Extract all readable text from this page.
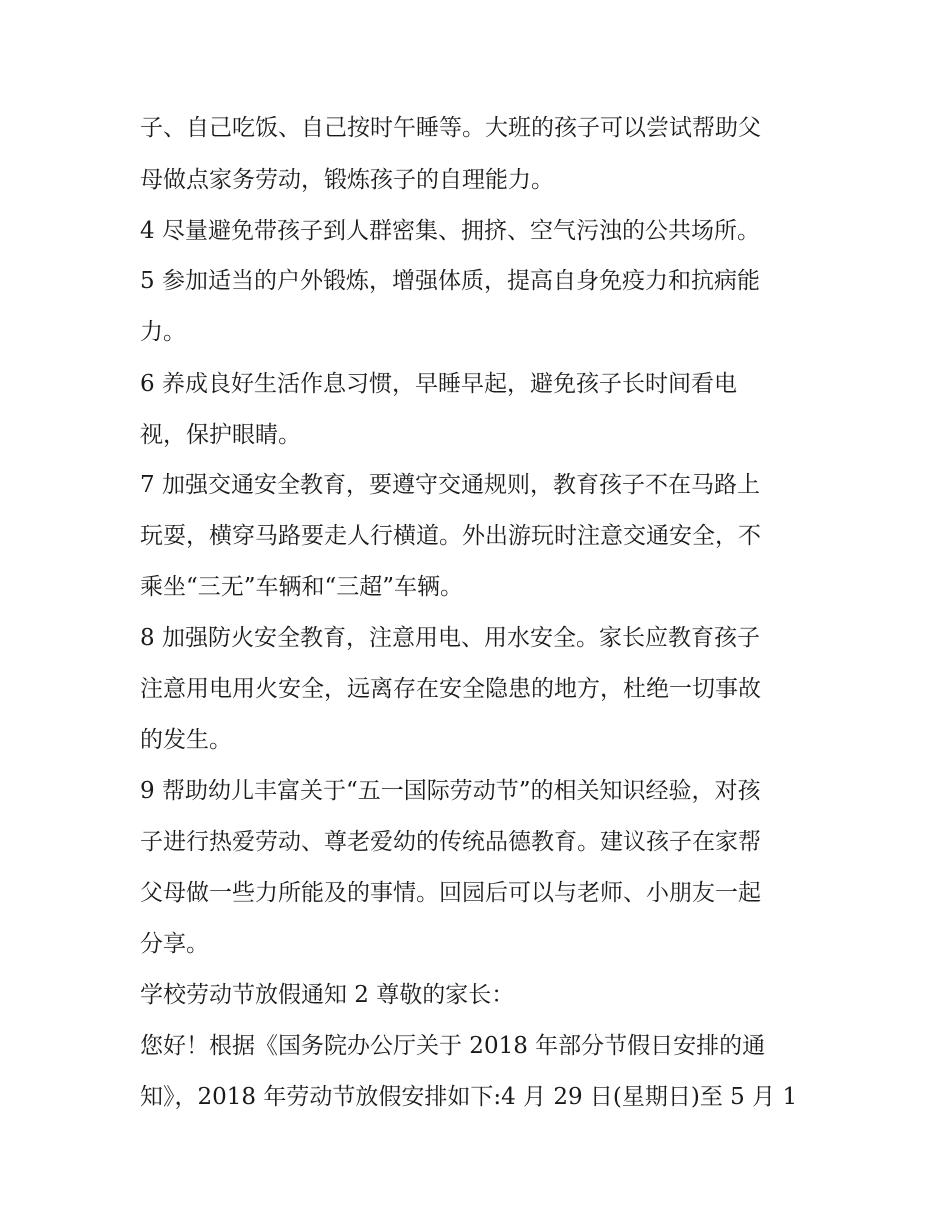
子、自己吃饭、自己按时午睡等。大班的孩子可以尝试帮助父
母做点家务劳动，锻炼孩子的自理能力。
4 尽量避免带孩子到人群密集、拥挤、空气污浊的公共场所。
5 参加适当的户外锻炼，增强体质，提高自身免疫力和抗病能
力。
6 养成良好生活作息习惯，早睡早起，避免孩子长时间看电
视，保护眼睛。
7 加强交通安全教育，要遵守交通规则，教育孩子不在马路上
玩耍，横穿马路要走人行横道。外出游玩时注意交通安全，不
乘坐“三无”车辆和“三超”车辆。
8 加强防火安全教育，注意用电、用水安全。家长应教育孩子
注意用电用火安全，远离存在安全隐患的地方，杜绝一切事故
的发生。
9 帮助幼儿丰富关于“五一国际劳动节”的相关知识经验，对孩
子进行热爱劳动、尊老爱幼的传统品德教育。建议孩子在家帮
父母做一些力所能及的事情。回园后可以与老师、小朋友一起
分享。
学校劳动节放假通知 2 尊敬的家长：
您好！根据《国务院办公厅关于 2018 年部分节假日安排的通
知》，2018 年劳动节放假安排如下:4 月 29 日(星期日)至 5 月 1
